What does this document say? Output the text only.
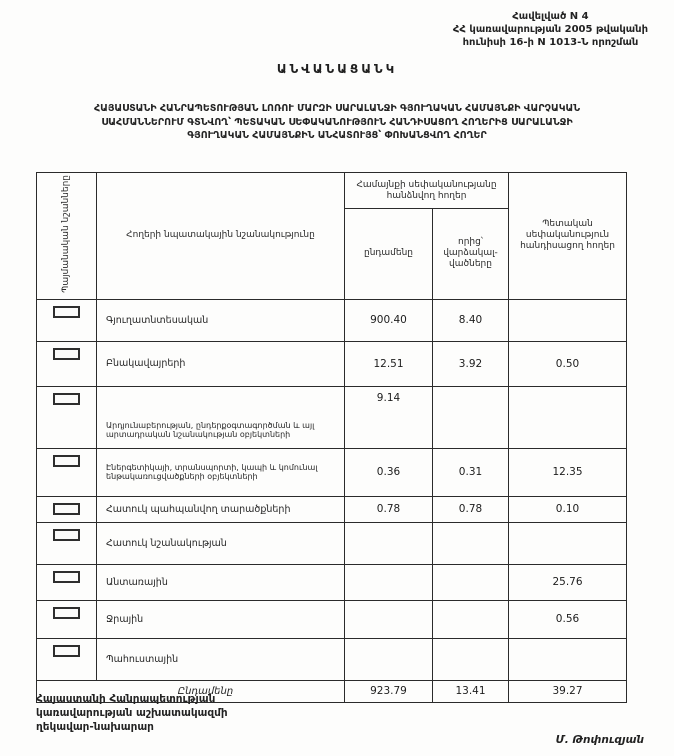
Հավելված N 4
ՀՀ կառավարության 2005 թվականի
հունիսի 16-ի N 1013-Ն որոշման
ԱՆՎԱՆԱՑԱՆԿ
ՀԱՅԱՍՏԱՆԻ ՀԱՆՐԱՊԵՏՈՒԹՅԱՆ ԼՈՌՈՒ ՄԱՐԶԻ ՍԱՐԱԼԱՆՋԻ ԳՅՈՒՂԱԿԱՆ ՀԱՄԱՅՆՔԻ ՎԱՐՉԱԿԱՆ
ՍԱՀՄԱՆՆԵՐՈՒՄ ԳՏՆՎՈՂ՝ ՊԵՏԱԿԱՆ ՍԵՓԱԿԱՆՈՒԹՅՈՒՆ ՀԱՆԴԻՍԱՑՈՂ ՀՈՂԵՐԻՑ ՍԱՐԱԼԱՆՋԻ
ԳՅՈՒՂԱԿԱՆ ՀԱՄԱՅՆՔԻՆ ԱՆՀԱՏՈՒՅՑ՝ ՓՈԽԱՆՑՎՈՂ ՀՈՂԵՐ
Պայմանական նշանները	Հողերի նպատակային նշանակությունը	Համայնքի սեփականությանը հանձնվող հողեր		Պետական սեփականություն հանդիսացող հողեր
		ընդամենը	որից՝ վարձակալ- վածները	
	Գյուղատնտեսական	900.40	8.40	
	Բնակավայրերի	12.51	3.92	0.50
	Արդյունաբերության, ընդերքօգտագործման և այլ արտադրական նշանակության օբյեկտների	9.14		
	Էներգետիկայի, տրանսպորտի, կապի և կոմունալ ենթակառուցվածքների օբյեկտների	0.36	0.31	12.35
	Հատուկ պահպանվող տարածքների	0.78	0.78	0.10
	Հատուկ նշանակության			
	Անտառային			25.76
	Ջրային			0.56
	Պահուստային			
Ընդամենը		923.79	13.41	39.27
Հայաստանի Հանրապետության
կառավարության աշխատակազմի
ղեկավար-նախարար
Մ. Թոփուզյան
